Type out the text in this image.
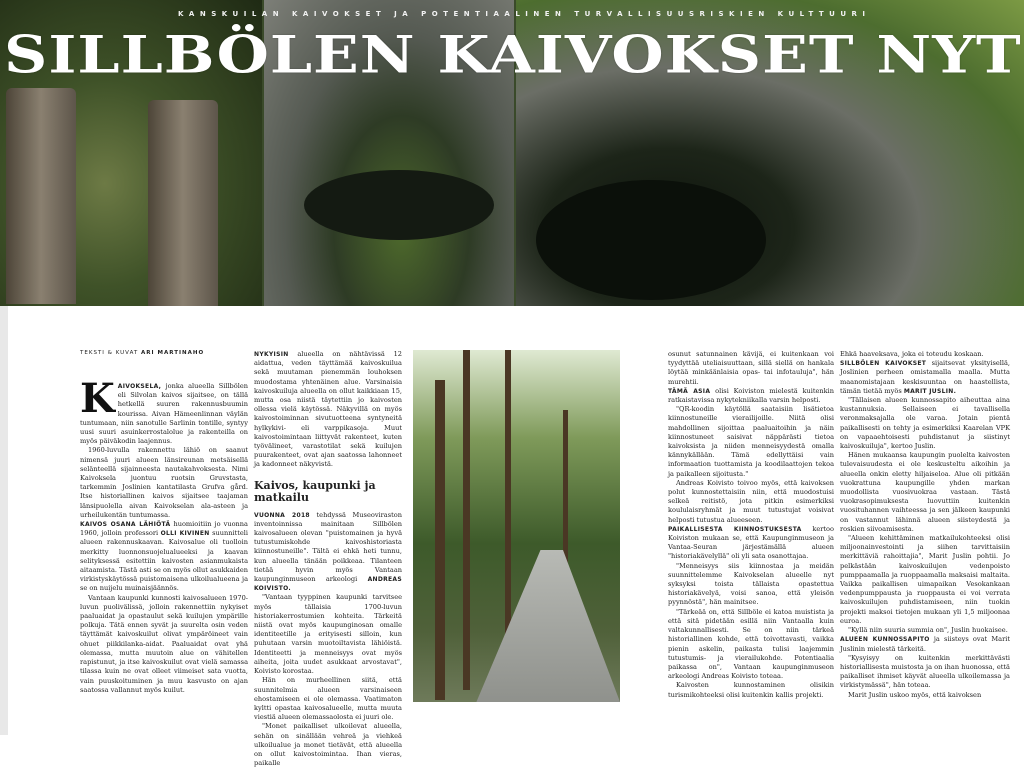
KANSKUILAN KAIVOKSET JA POTENTIAALINEN TURVALLISUUSRISKIEN KULTTUURI
SILLBÖLEN KAIVOKSET NYT
TEKSTI & KUVAT ARI MARTINAHO

KAIVOKSELA, jonka alueella Sillbölen eli Silvolan kaivos sijaitsee, on tällä hetkellä suuren rakennusbuumin kourissa. Aivan Hämeenlinnan väylän tuntumaan, niin sanotulle Sarlinin tontille, syntyy uusi suuri asuinkerrostalolue ja rakenteilla on myös päiväkodin laajennus.

1960-luvulla rakennettu lähiö on saanut nimensä juuri alueen länsireunan metsäisellä selänteellä sijainneesta nautakahvoksesta. Nimi Kaivoksela juontuu ruotsin Gruvstasta, tarkemmin Joslinien kantatilasta Grufva gård. Itse historiallinen kaivos sijaitsee taajaman länsipuolella aivan Kaivokselan ala-asteen ja urheilukentän tuntumassa.

KAIVOS OSANA LÄHIÖTÄ huomioitiin jo vuonna 1960, jolloin professori OLLI KIVINEN suunnitteli alueen rakennuskaavan. Kaivosalue oli tuolloin merkitty luonnonsuojelualueeksi ja kaavan selityksessä esitettiin kaivosten asianmukaista aitaamista. Tästä asti se on myös ollut asukkaiden virkistyskäytössä puistomaisena ulkoilualueena ja se on nuijelu muinaisjäännös.

Vantaan kaupunki kunnosti kaivosalueen 1970-luvun puolivälissä, jolloin rakennettiin nykyiset paaluaidat ja opastaulut sekä kuilujen ympärille polkuja. Tätä ennen syvät ja suurelta osin veden täyttämät kaivoskuilut olivat ympäröineet vain ohuet piikkilanka-aidat. Paaluaidat ovat yhä olemassa, mutta muutoin alue on vähitellen rapistunut, ja itse kaivoskuilut ovat vielä samassa tilassa kuin ne ovat olleet viimeiset sata vuotta, vain puuskoituminen ja muu kasvusto on ajan saatossa vallannut myös kuilut.

NYKYISIN alueella on nähtävissä 12 aidattua, veden täyttämää kaivoskuilua sekä muutaman pienemmän louhoksen muodostama yhtenäinen alue. Varsinaisia kaivoskuiluja alueella on ollut kaikkiaan 15, mutta osa niistä täytettiin jo kaivosten ollessa vielä käytössä. Näkyvillä on myös kaivostoiminnan sivutuotteena syntyneitä hylkykivi- eli varppikasoja. Muut kaivostoimintaan liittyvät rakenteet, kuten työvälineet, varastotilat sekä kuilujen puurakenteet, ovat ajan saatossa lahonneet ja kadonneet näkyvistä.

Kaivos, kaupunki ja matkailu

VUONNA 2018 tehdyssä Museoviraston inventoinnissa mainitaan Sillbölen kaivosalueen olevan "puistomainen ja hyvä tutustumiskohde kaivoshistoriasta kiinnostuneille". Tältä ei ehkä heti tunnu, kun alueella tänään poikkeaa. Tilanteen tietää hyvin myös Vantaan kaupunginmuseon arkeologi ANDREAS KOIVISTO.

"Vantaan tyyppinen kaupunki tarvitsee myös tällaisia 1700-luvun historiakerrostumien kohteita. Tärkeitä niistä ovat myös kaupunginosan omalle identiteetille ja erityisesti silloin, kun puhutaan varsin muotoiltavista lähiöistä. Identiteetti ja menneisyys ovat myös aiheita, joita uudet asukkaat arvostavat", Koivisto korostaa.

Hän on murheellinen siitä, että suunnitelmia alueen varsinaiseen ehostamiseen ei ole olemassa. Vaatimaton kyltti opastaa kaivosalueelle, mutta muuta viestiä alueen olemassaolosta ei juuri ole.

"Monet paikalliset ulkoilevat alueella, sehän on sinällään vehreä ja viehkeä ulkoilualue ja monet tietävät, että alueella on ollut kaivostoimintaa. Ihan vieras, paikalle

osunut satunnainen kävijä, ei kuitenkaan voi tyydyttää uteliaisuuttaan, sillä siellä on hankala löytää minkäänlaisia opas- tai infotauluja", hän murehtii.

TÄMÄ ASIA olisi Koiviston mielestä kuitenkin ratkaistavissa nykytekniikalla varsin helposti.

"QR-koodin käytöllä saataisiin lisätietoa kiinnostuneille vierailijoille. Niitä olisi mahdollinen sijoittaa paaluaitoihin ja näin kiinnostuneet saisivat näppärästi tietoa kaivoksista ja niiden menneisyydestä omalla kännykällään. Tämä edellyttäisi vain informaation tuottamista ja koodilaattojen tekoa ja paikalleen sijoitusta."

Andreas Koivisto toivoo myös, että kaivoksen polut kunnostettaisiin niin, että muodostuisi selkeä reitistö, jota pitkin esimerkiksi koululaisryhmät ja muut tutustujat voisivat helposti tutustua alueeseen.

PAIKALLISESTA KIINNOSTUKSESTA kertoo Koiviston mukaan se, että Kaupunginmuseon ja Vantaa-Seuran järjestämällä alueen "historiakävelyllä" oli yli sata osanottajaa.

"Menneisyys siis kiinnostaa ja meidän suunnittelemme Kaivokselan alueelle nyt syksyksi toista tällaista opastettua historiakävelyä, voisi sanoa, että yleisön pyynnöstä", hän mainitsee.

"Tärkeää on, että Sillböle ei katoa muistista ja että sitä pidetään esillä niin Vantaalla kuin valtakunnallisesti. Se on niin tärkeä historiallinen kohde, että toivottavasti, vaikka pienin askelin, paikasta tulisi laajemmin tutustumis- ja vierailukohde. Potentiaalia paikassa on", Vantaan kaupunginmuseon arkeologi Andreas Koivisto toteaa.

Kaivosten kunnostaminen olisikin turismikohteeksi olisi kuitenkin kallis projekti.

Ehkä haaveksava, joka ei toteudu koskaan.

SILLBÖLEN KAIVOKSET sijaitsevat yksityisellä, Joslinien perheen omistamalla maalla. Mutta maanomistajaan keskisuuntaa on haastellista, tämän tietää myös MARIT JUSLIN.

"Tällaisen alueen kunnossapito aiheuttaa aina kustannuksia. Sellaiseen ei tavallisella veronmaksajalla ole varaa. Jotain pientä paikallisesti on tehty ja esimerkiksi Kaarelan VPK on vapaaehtoisesti puhdistanut ja siistinyt kaivoskuiluja", kertoo Juslin.

Hänen mukaansa kaupungin puolelta kaivosten tulevaisuudesta ei ole keskusteltu aikoihin ja alueella onkin eletty hiljaiseloa. Alue oli pitkään vuokrattuna kaupungille yhden markan muodollista vuosivuokraa vastaan. Tästä vuokrasopimuksesta luovuttiin kuitenkin vuosituhannen vaihteessa ja sen jälkeen kaupunki on vastannut lähinnä alueen siisteydestä ja roskien siivoamisesta.

"Alueen kehittäminen matkailukohteeksi olisi miljoonainvestointi ja siihen tarvittaisiin merkittäviä rahoittajia", Marit Juslin pohtii. Jo pelkästään kaivoskuilujen vedenpoisto pumppaamalla ja ruoppaamalla maksaisi maltaita. Vaikka paikallisen uimapaikan Vesokankaan vedenpumppausta ja ruoppausta ei voi verrata kaivoskuilujen puhdistamiseen, niin tuokin projekti maksoi tietojen mukaan yli 1,5 miljoonaa euroa.

"Kyllä niin suuria summia on", Juslin huokaisee.

ALUEEN KUNNOSSAPITO ja siisteys ovat Marit Juslinin mielestä tärkeitä.

"Kysyisyy on kuitenkin merkittävästi historiallisesta muistosta ja on ihan huonossa, että paikalliset ihmiset käyvät alueella ulkoilemassa ja virkistymässä", hän toteaa.

Marit Juslin uskoo myös, että kaivoksen
